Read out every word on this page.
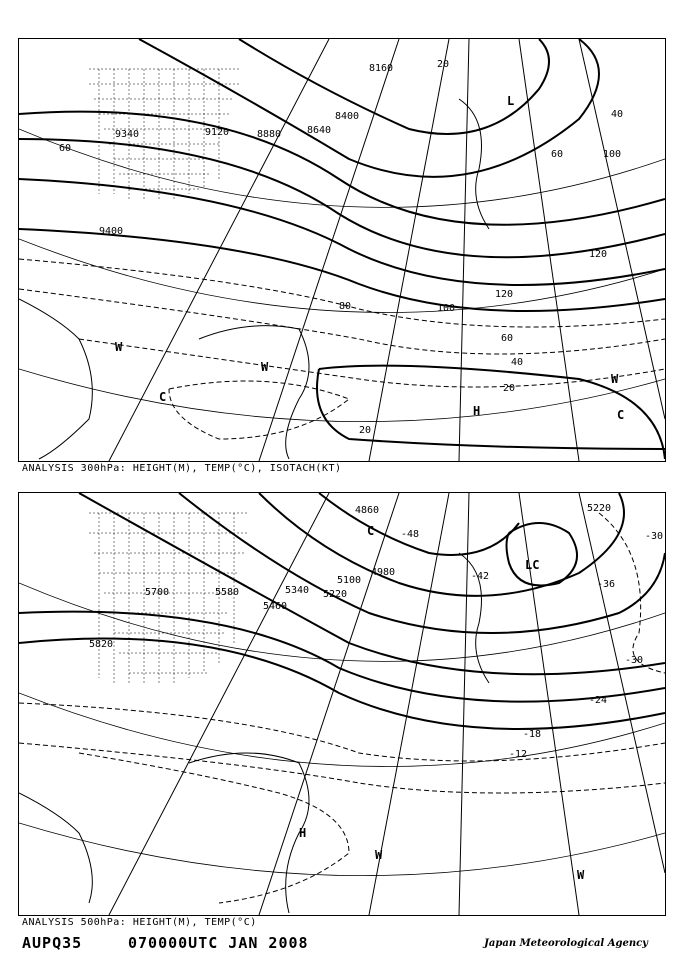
9400
9340	9120	8880	8640
8400
8160	20
40
60
80
100
120
60
20
40
60
100
120
20
L
H
C
W
W
W
C
ANALYSIS 300hPa: HEIGHT(M), TEMP(°C), ISOTACH(KT)
5820
5700	5580
5460
5340 5220
5100
4980
4860	5220
-48
-42
-36
-30
-24
-18
-12
-30
C
LC
H
W
W
ANALYSIS 500hPa: HEIGHT(M), TEMP(°C)
AUPQ35	070000UTC JAN 2008	Japan Meteorological Agency
